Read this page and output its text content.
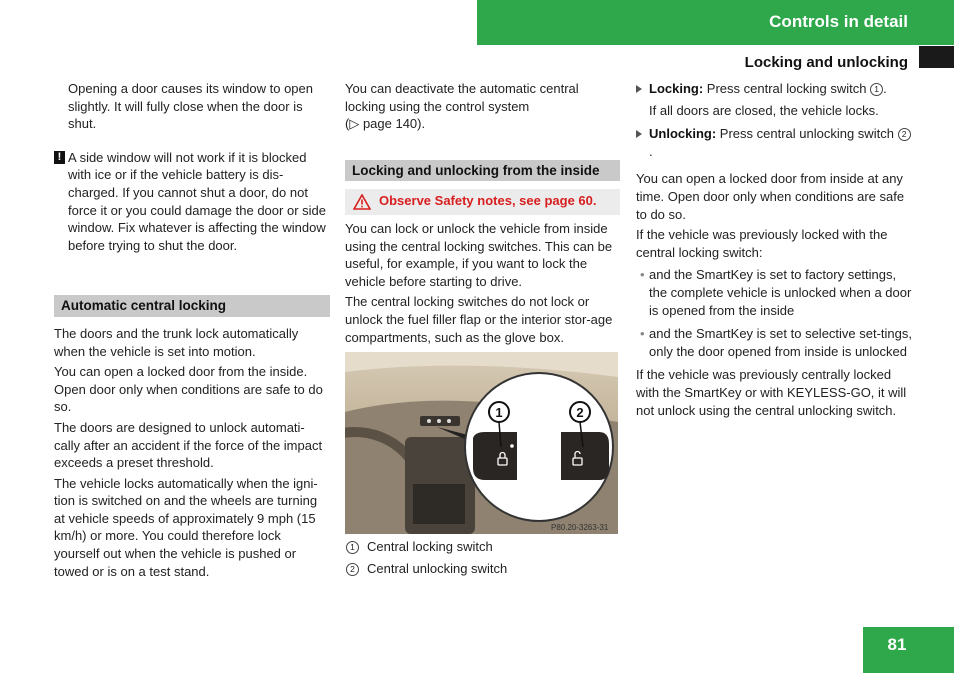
Controls in detail
Locking and unlocking

Opening a door causes its window to open slightly. It will fully close when the door is shut.

! A side window will not work if it is blocked with ice or if the vehicle battery is dis-charged. If you cannot shut a door, do not force it or you could damage the door or side window. Fix whatever is affecting the window before trying to shut the door.

Automatic central locking

The doors and the trunk lock automatically when the vehicle is set into motion.

You can open a locked door from the inside. Open door only when conditions are safe to do so.

The doors are designed to unlock automati-cally after an accident if the force of the impact exceeds a preset threshold.

The vehicle locks automatically when the igni-tion is switched on and the wheels are turning at vehicle speeds of approximately 9 mph (15 km/h) or more. You could therefore lock yourself out when the vehicle is pushed or towed or is on a test stand.

You can deactivate the automatic central locking using the control system
(▷ page 140).

Locking and unlocking from the inside
Observe Safety notes, see page 60.

You can lock or unlock the vehicle from inside using the central locking switches. This can be useful, for example, if you want to lock the vehicle before starting to drive.

The central locking switches do not lock or unlock the fuel filler flap or the interior stor-age compartments, such as the glove box.

1	2
P80.20-3263-31
1 Central locking switch
2 Central unlocking switch

Locking: Press central locking switch 1 .

If all doors are closed, the vehicle locks.

Unlocking: Press central unlocking switch 2.

You can open a locked door from inside at any time. Open door only when conditions are safe to do so.

If the vehicle was previously locked with the central locking switch:

• and the SmartKey is set to factory settings, the complete vehicle is unlocked when a door is opened from the inside

• and the SmartKey is set to selective set-tings, only the door opened from inside is unlocked

If the vehicle was previously centrally locked with the SmartKey or with KEYLESS-GO, it will not unlock using the central unlocking switch.

81
